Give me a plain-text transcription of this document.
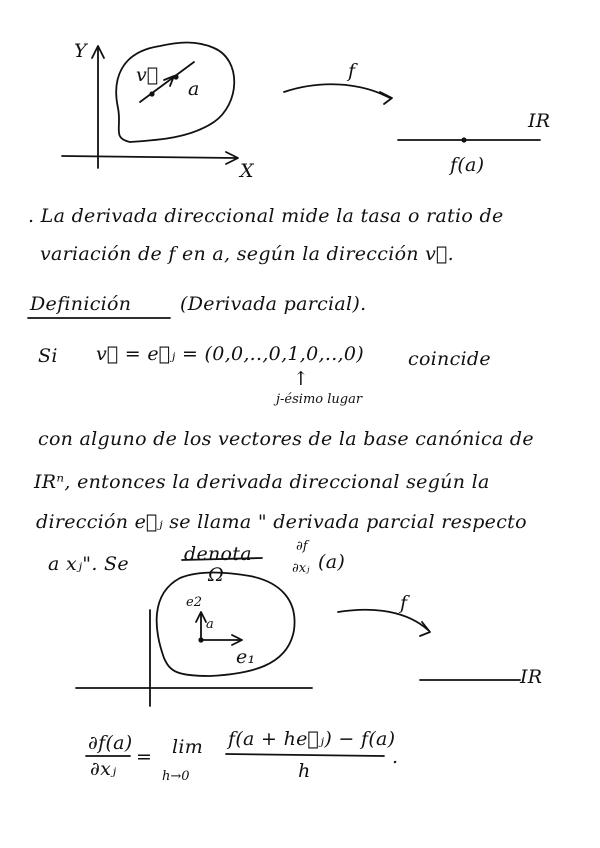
Y
X
v⃗
a
f
IR
f(a)
. La derivada direccional mide la tasa o ratio de
variación de f en a, según la dirección v⃗.
Definición	(Derivada parcial).
Si v⃗ = e⃗ⱼ = (0,0,..,0,1,0,..,0) coincide
↑
j-ésimo lugar
con alguno de los vectores de la base canónica de
IRⁿ, entonces la derivada direccional según la
dirección e⃗ⱼ se llama " derivada parcial respecto
a xⱼ". Se	denota	∂f
∂xⱼ (a)
Ω
e2
a
e₁
f
IR
∂f(a)
∂xⱼ
= lim
h→0
f(a + he⃗ⱼ) − f(a)
h
.
